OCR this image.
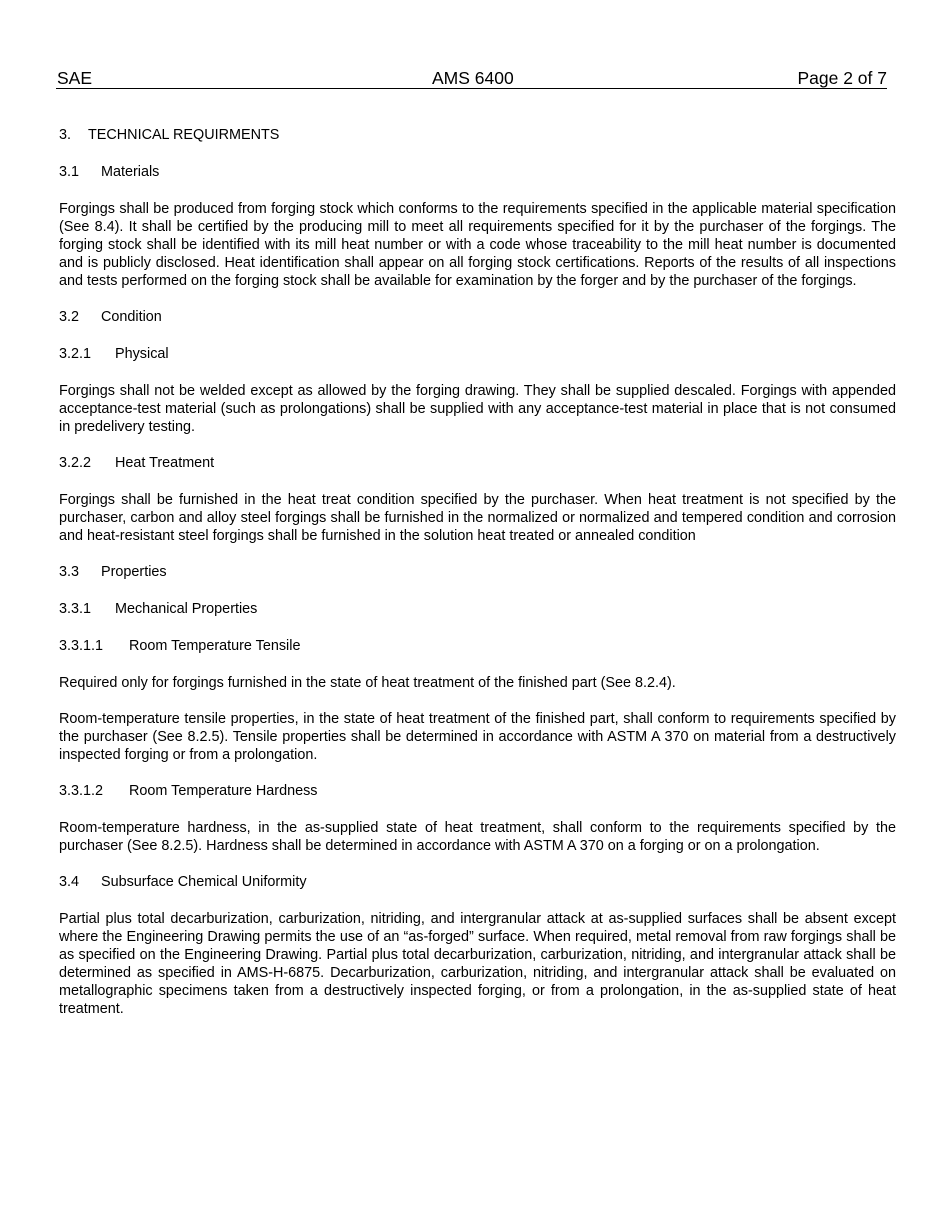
SAE	AMS 6400	Page 2 of 7
3. TECHNICAL REQUIRMENTS
3.1 Materials

Forgings shall be produced from forging stock which conforms to the requirements specified in the applicable material specification (See 8.4). It shall be certified by the producing mill to meet all requirements specified for it by the purchaser of the forgings. The forging stock shall be identified with its mill heat number or with a code whose traceability to the mill heat number is documented and is publicly disclosed. Heat identification shall appear on all forging stock certifications. Reports of the results of all inspections and tests performed on the forging stock shall be available for examination by the forger and by the purchaser of the forgings.

3.2 Condition
3.2.1 Physical

Forgings shall not be welded except as allowed by the forging drawing. They shall be supplied descaled. Forgings with appended acceptance-test material (such as prolongations) shall be supplied with any acceptance-test material in place that is not consumed in predelivery testing.

3.2.2 Heat Treatment

Forgings shall be furnished in the heat treat condition specified by the purchaser. When heat treatment is not specified by the purchaser, carbon and alloy steel forgings shall be furnished in the normalized or normalized and tempered condition and corrosion and heat-resistant steel forgings shall be furnished in the solution heat treated or annealed condition

3.3 Properties
3.3.1 Mechanical Properties
3.3.1.1 Room Temperature Tensile

Required only for forgings furnished in the state of heat treatment of the finished part (See 8.2.4).

Room-temperature tensile properties, in the state of heat treatment of the finished part, shall conform to requirements specified by the purchaser (See 8.2.5). Tensile properties shall be determined in accordance with ASTM A 370 on material from a destructively inspected forging or from a prolongation.

3.3.1.2 Room Temperature Hardness

Room-temperature hardness, in the as-supplied state of heat treatment, shall conform to the requirements specified by the purchaser (See 8.2.5). Hardness shall be determined in accordance with ASTM A 370 on a forging or on a prolongation.

3.4 Subsurface Chemical Uniformity

Partial plus total decarburization, carburization, nitriding, and intergranular attack at as-supplied surfaces shall be absent except where the Engineering Drawing permits the use of an “as-forged” surface. When required, metal removal from raw forgings shall be as specified on the Engineering Drawing. Partial plus total decarburization, carburization, nitriding, and intergranular attack shall be determined as specified in AMS-H-6875. Decarburization, carburization, nitriding, and intergranular attack shall be evaluated on metallographic specimens taken from a destructively inspected forging, or from a prolongation, in the as-supplied state of heat treatment.
